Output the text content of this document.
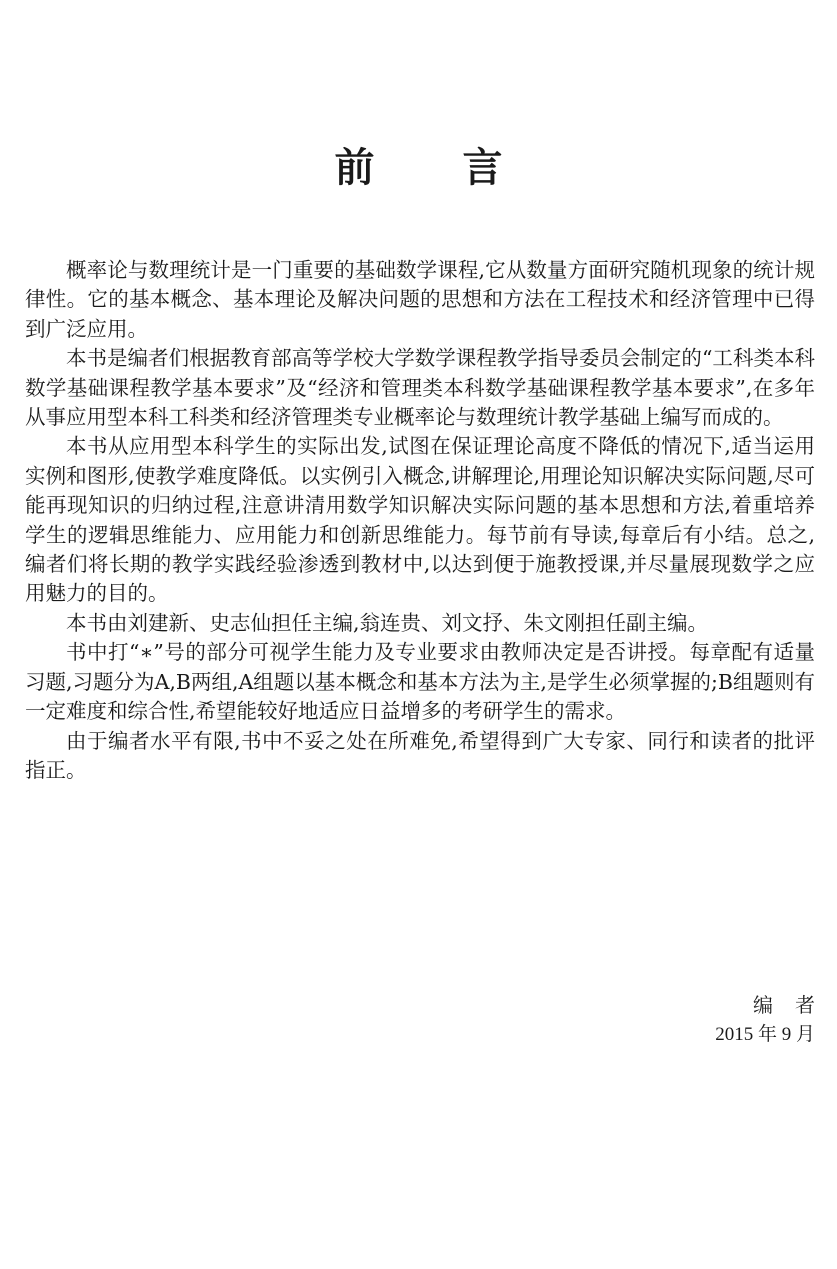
前言

概率论与数理统计是一门重要的基础数学课程,它从数量方面研究随机现象的统计规律性。它的基本概念、基本理论及解决问题的思想和方法在工程技术和经济管理中已得到广泛应用。

本书是编者们根据教育部高等学校大学数学课程教学指导委员会制定的“工科类本科数学基础课程教学基本要求”及“经济和管理类本科数学基础课程教学基本要求”,在多年从事应用型本科工科类和经济管理类专业概率论与数理统计教学基础上编写而成的。

本书从应用型本科学生的实际出发,试图在保证理论高度不降低的情况下,适当运用实例和图形,使教学难度降低。以实例引入概念,讲解理论,用理论知识解决实际问题,尽可能再现知识的归纳过程,注意讲清用数学知识解决实际问题的基本思想和方法,着重培养学生的逻辑思维能力、应用能力和创新思维能力。每节前有导读,每章后有小结。总之,编者们将长期的教学实践经验渗透到教材中,以达到便于施教授课,并尽量展现数学之应用魅力的目的。

本书由刘建新、史志仙担任主编,翁连贵、刘文抒、朱文刚担任副主编。

书中打“∗”号的部分可视学生能力及专业要求由教师决定是否讲授。每章配有适量习题,习题分为A,B两组,A组题以基本概念和基本方法为主,是学生必须掌握的;B组题则有一定难度和综合性,希望能较好地适应日益增多的考研学生的需求。

由于编者水平有限,书中不妥之处在所难免,希望得到广大专家、同行和读者的批评指正。

编者
2015 年 9 月
